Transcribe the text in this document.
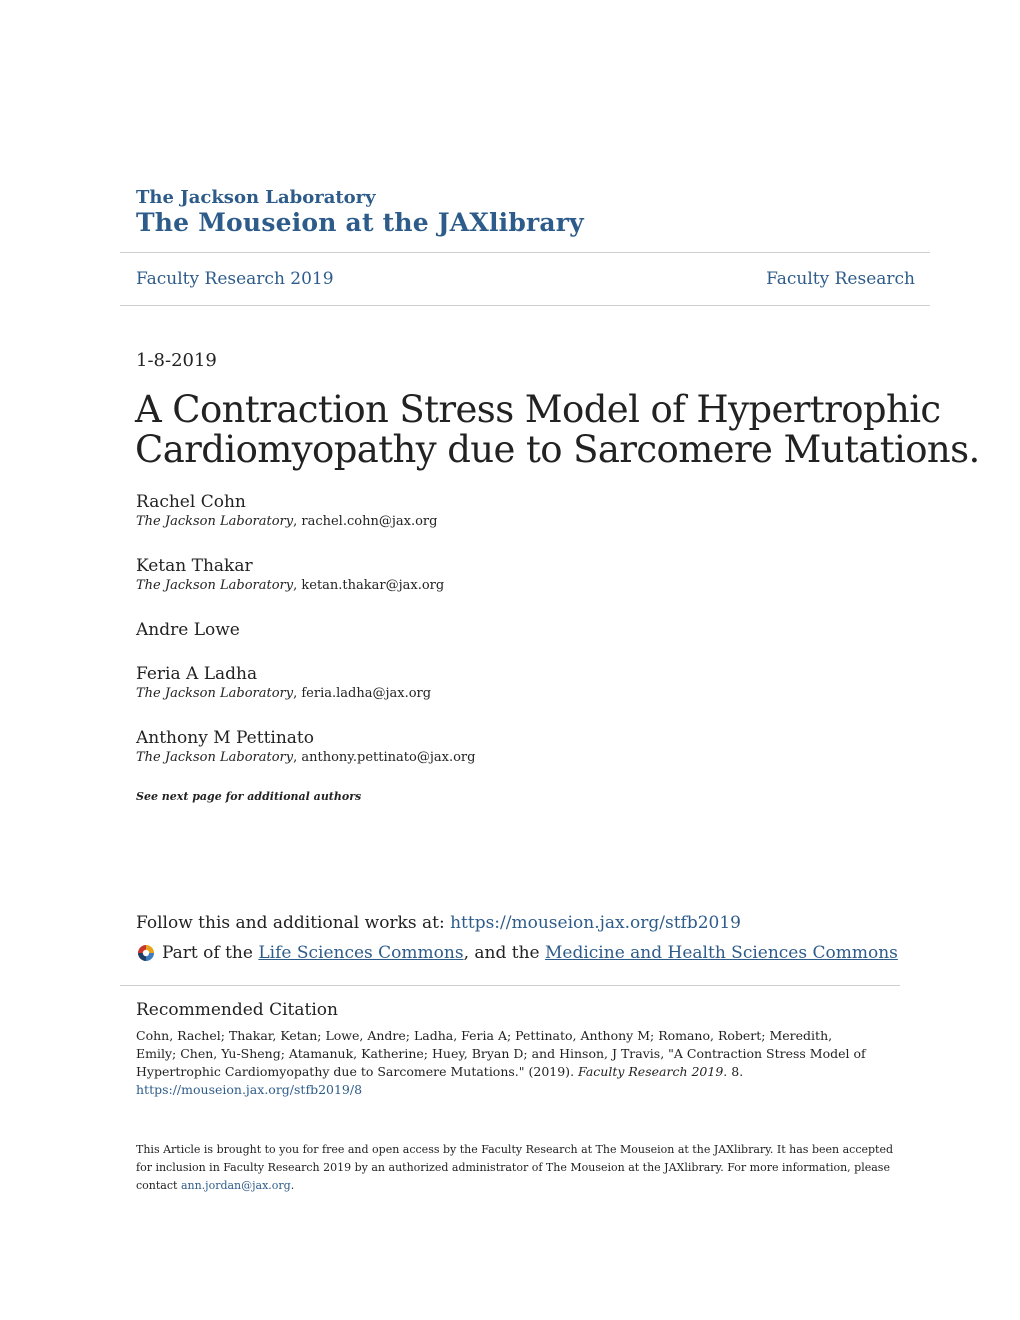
The Jackson Laboratory
The Mouseion at the JAXlibrary
Faculty Research 2019	Faculty Research
1-8-2019
A Contraction Stress Model of Hypertrophic
Cardiomyopathy due to Sarcomere Mutations.
Rachel Cohn
The Jackson Laboratory, rachel.cohn@jax.org
Ketan Thakar
The Jackson Laboratory, ketan.thakar@jax.org
Andre Lowe
Feria A Ladha
The Jackson Laboratory, feria.ladha@jax.org
Anthony M Pettinato
The Jackson Laboratory, anthony.pettinato@jax.org
See next page for additional authors
Follow this and additional works at: https://mouseion.jax.org/stfb2019
Part of the
Life Sciences Commons , and the
Medicine and Health Sciences Commons
Recommended Citation
Cohn, Rachel; Thakar, Ketan; Lowe, Andre; Ladha, Feria A; Pettinato, Anthony M; Romano, Robert; Meredith, Emily; Chen, Yu-Sheng; Atamanuk, Katherine; Huey, Bryan D; and Hinson, J Travis, "A Contraction Stress Model of Hypertrophic Cardiomyopathy due to Sarcomere Mutations." (2019). Faculty Research 2019. 8.
https://mouseion.jax.org/stfb2019/8
This Article is brought to you for free and open access by the Faculty Research at The Mouseion at the JAXlibrary. It has been accepted for inclusion in Faculty Research 2019 by an authorized administrator of The Mouseion at the JAXlibrary. For more information, please contact ann.jordan@jax.org.
